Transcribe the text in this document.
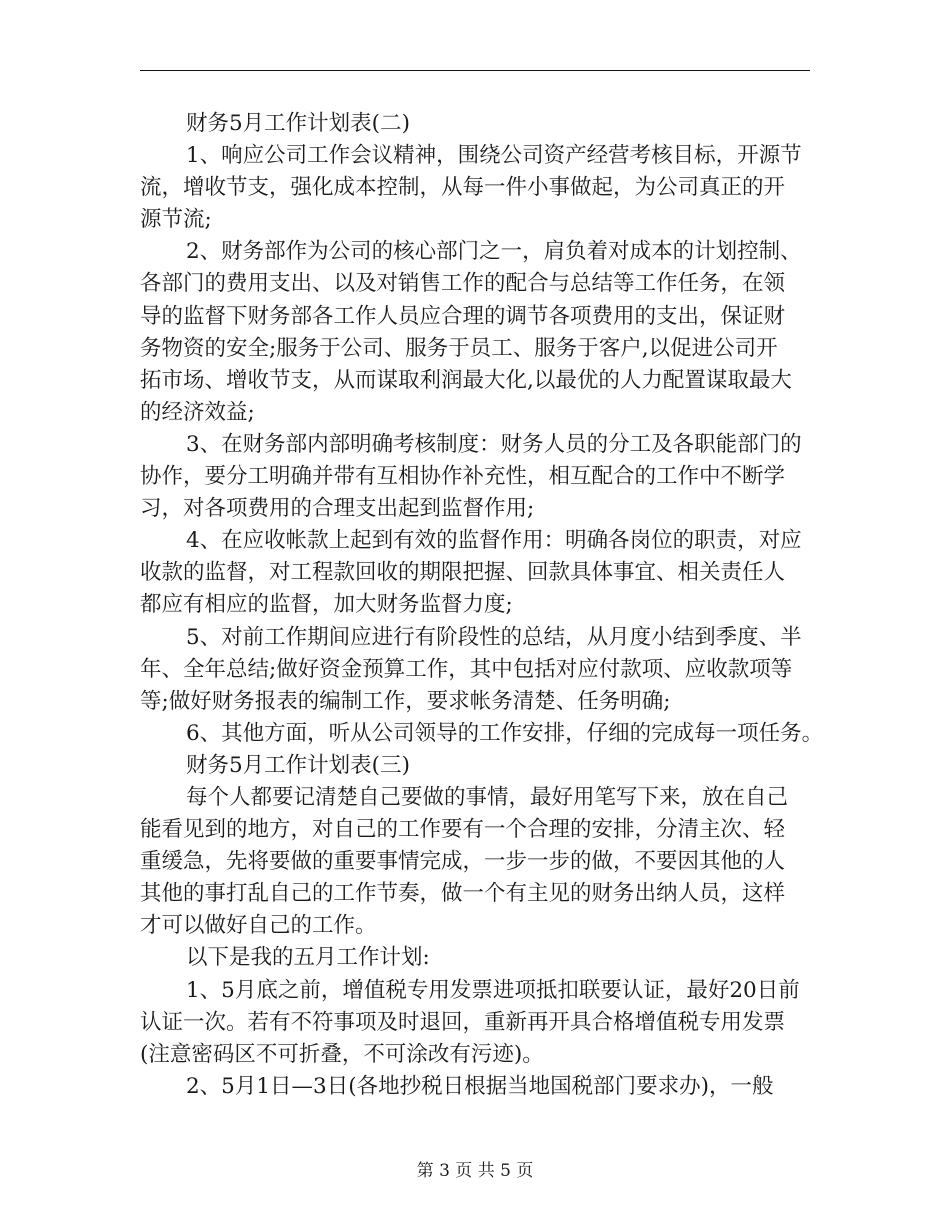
财务5月工作计划表(二)
1、响应公司工作会议精神，围绕公司资产经营考核目标，开源节
流，增收节支，强化成本控制，从每一件小事做起，为公司真正的开
源节流;
2、财务部作为公司的核心部门之一，肩负着对成本的计划控制、
各部门的费用支出、以及对销售工作的配合与总结等工作任务，在领
导的监督下财务部各工作人员应合理的调节各项费用的支出，保证财
务物资的安全;服务于公司、服务于员工、服务于客户,以促进公司开
拓市场、增收节支，从而谋取利润最大化,以最优的人力配置谋取最大
的经济效益;
3、在财务部内部明确考核制度：财务人员的分工及各职能部门的
协作，要分工明确并带有互相协作补充性，相互配合的工作中不断学
习，对各项费用的合理支出起到监督作用;
4、在应收帐款上起到有效的监督作用：明确各岗位的职责，对应
收款的监督，对工程款回收的期限把握、回款具体事宜、相关责任人
都应有相应的监督，加大财务监督力度;
5、对前工作期间应进行有阶段性的总结，从月度小结到季度、半
年、全年总结;做好资金预算工作，其中包括对应付款项、应收款项等
等;做好财务报表的编制工作，要求帐务清楚、任务明确;
6、其他方面，听从公司领导的工作安排，仔细的完成每一项任务。
财务5月工作计划表(三)
每个人都要记清楚自己要做的事情，最好用笔写下来，放在自己
能看见到的地方，对自己的工作要有一个合理的安排，分清主次、轻
重缓急，先将要做的重要事情完成，一步一步的做，不要因其他的人
其他的事打乱自己的工作节奏，做一个有主见的财务出纳人员，这样
才可以做好自己的工作。
以下是我的五月工作计划:
1、5月底之前，增值税专用发票进项抵扣联要认证，最好20日前
认证一次。若有不符事项及时退回，重新再开具合格增值税专用发票
(注意密码区不可折叠，不可涂改有污迹)。
2、5月1日—3日(各地抄税日根据当地国税部门要求办)，一般
第 3 页 共 5 页
